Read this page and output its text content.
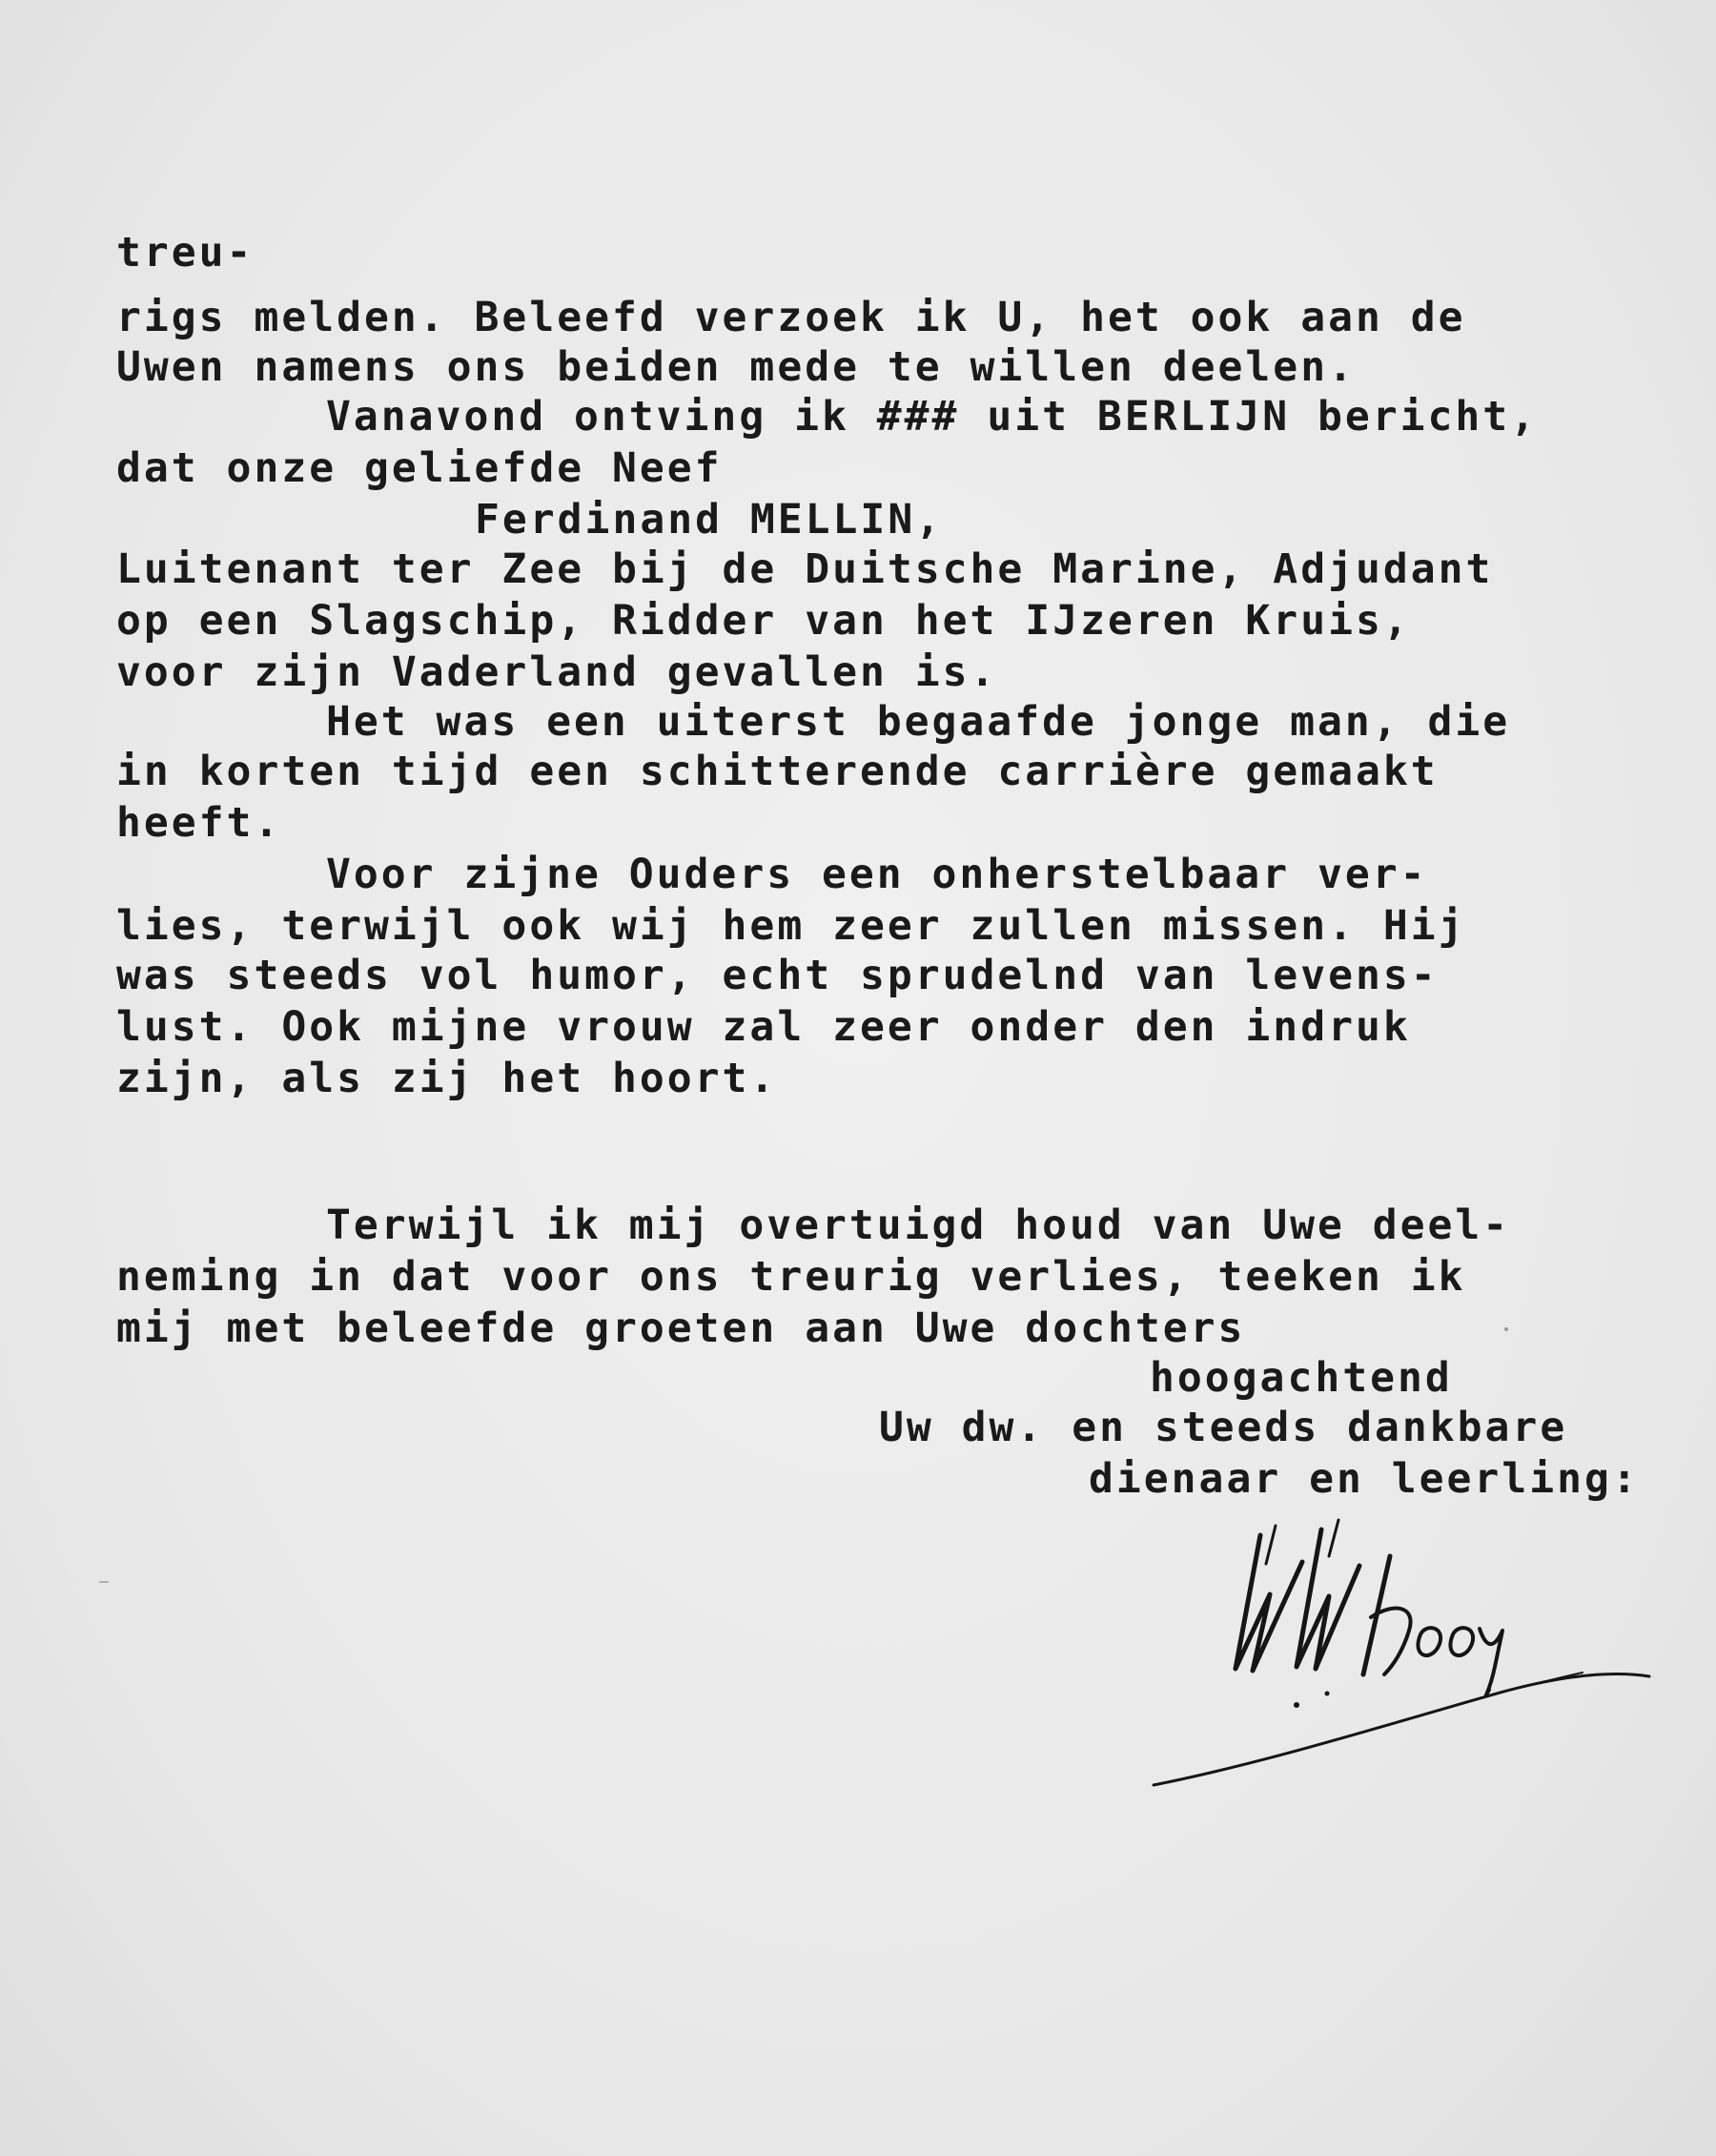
treu-
rigs melden. Beleefd verzoek ik U, het ook aan de
Uwen namens ons beiden mede te willen deelen.
Vanavond ontving ik ### uit BERLIJN bericht,
dat onze geliefde Neef
Ferdinand MELLIN,
Luitenant ter Zee bij de Duitsche Marine, Adjudant
op een Slagschip, Ridder van het IJzeren Kruis,
voor zijn Vaderland gevallen is.
Het was een uiterst begaafde jonge man, die
in korten tijd een schitterende carrière gemaakt
heeft.
Voor zijne Ouders een onherstelbaar ver-
lies, terwijl ook wij hem zeer zullen missen. Hij
was steeds vol humor, echt sprudelnd van levens-
lust. Ook mijne vrouw zal zeer onder den indruk
zijn, als zij het hoort.
Terwijl ik mij overtuigd houd van Uwe deel-
neming in dat voor ons treurig verlies, teeken ik
mij met beleefde groeten aan Uwe dochters
hoogachtend
Uw dw. en steeds dankbare
dienaar en leerling:
